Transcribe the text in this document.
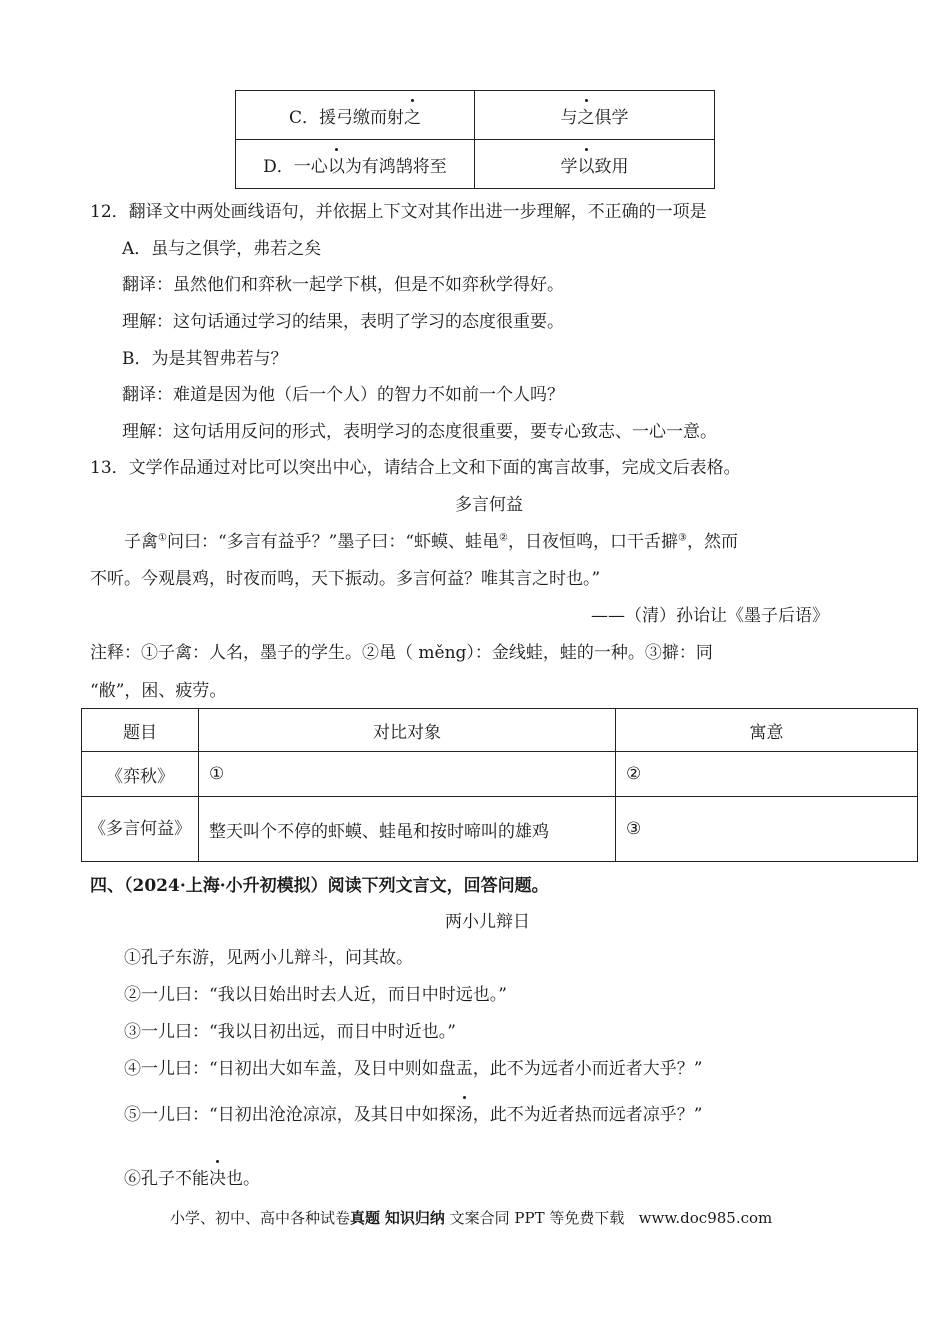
C．援弓缴而射之	与之俱学
D．一心以为有鸿鹄将至	学以致用
12．翻译文中两处画线语句，并依据上下文对其作出进一步理解，不正确的一项是
A．虽与之俱学，弗若之矣
翻译：虽然他们和弈秋一起学下棋，但是不如弈秋学得好。
理解：这句话通过学习的结果，表明了学习的态度很重要。
B．为是其智弗若与？
翻译：难道是因为他（后一个人）的智力不如前一个人吗？
理解：这句话用反问的形式，表明学习的态度很重要，要专心致志、一心一意。
13．文学作品通过对比可以突出中心，请结合上文和下面的寓言故事，完成文后表格。
多言何益
子禽①问曰：“多言有益乎？”墨子曰：“虾蟆、蛙黾②，日夜恒鸣，口干舌擗③，然而
不听。今观晨鸡，时夜而鸣，天下振动。多言何益？唯其言之时也。”
——（清）孙诒让《墨子后语》
注释：①子禽：人名，墨子的学生。②黾（ měng）：金线蛙，蛙的一种。③擗：同
“敝”，困、疲劳。
题目	对比对象	寓意
《弈秋》	①	②
《多言何益》	整天叫个不停的虾蟆、蛙黾和按时啼叫的雄鸡	③
四、（2024·上海·小升初模拟）阅读下列文言文，回答问题。
两小儿辩日
①孔子东游，见两小儿辩斗，问其故。
②一儿曰：“我以日始出时去人近，而日中时远也。”
③一儿曰：“我以日初出远，而日中时近也。”
④一儿曰：“日初出大如车盖，及日中则如盘盂，此不为远者小而近者大乎？”
⑤一儿曰：“日初出沧沧凉凉，及其日中如探汤，此不为近者热而远者凉乎？”
⑥孔子不能决也。
小学、初中、高中各种试卷真题 知识归纳 文案合同 PPT 等免费下载 www.doc985.com
